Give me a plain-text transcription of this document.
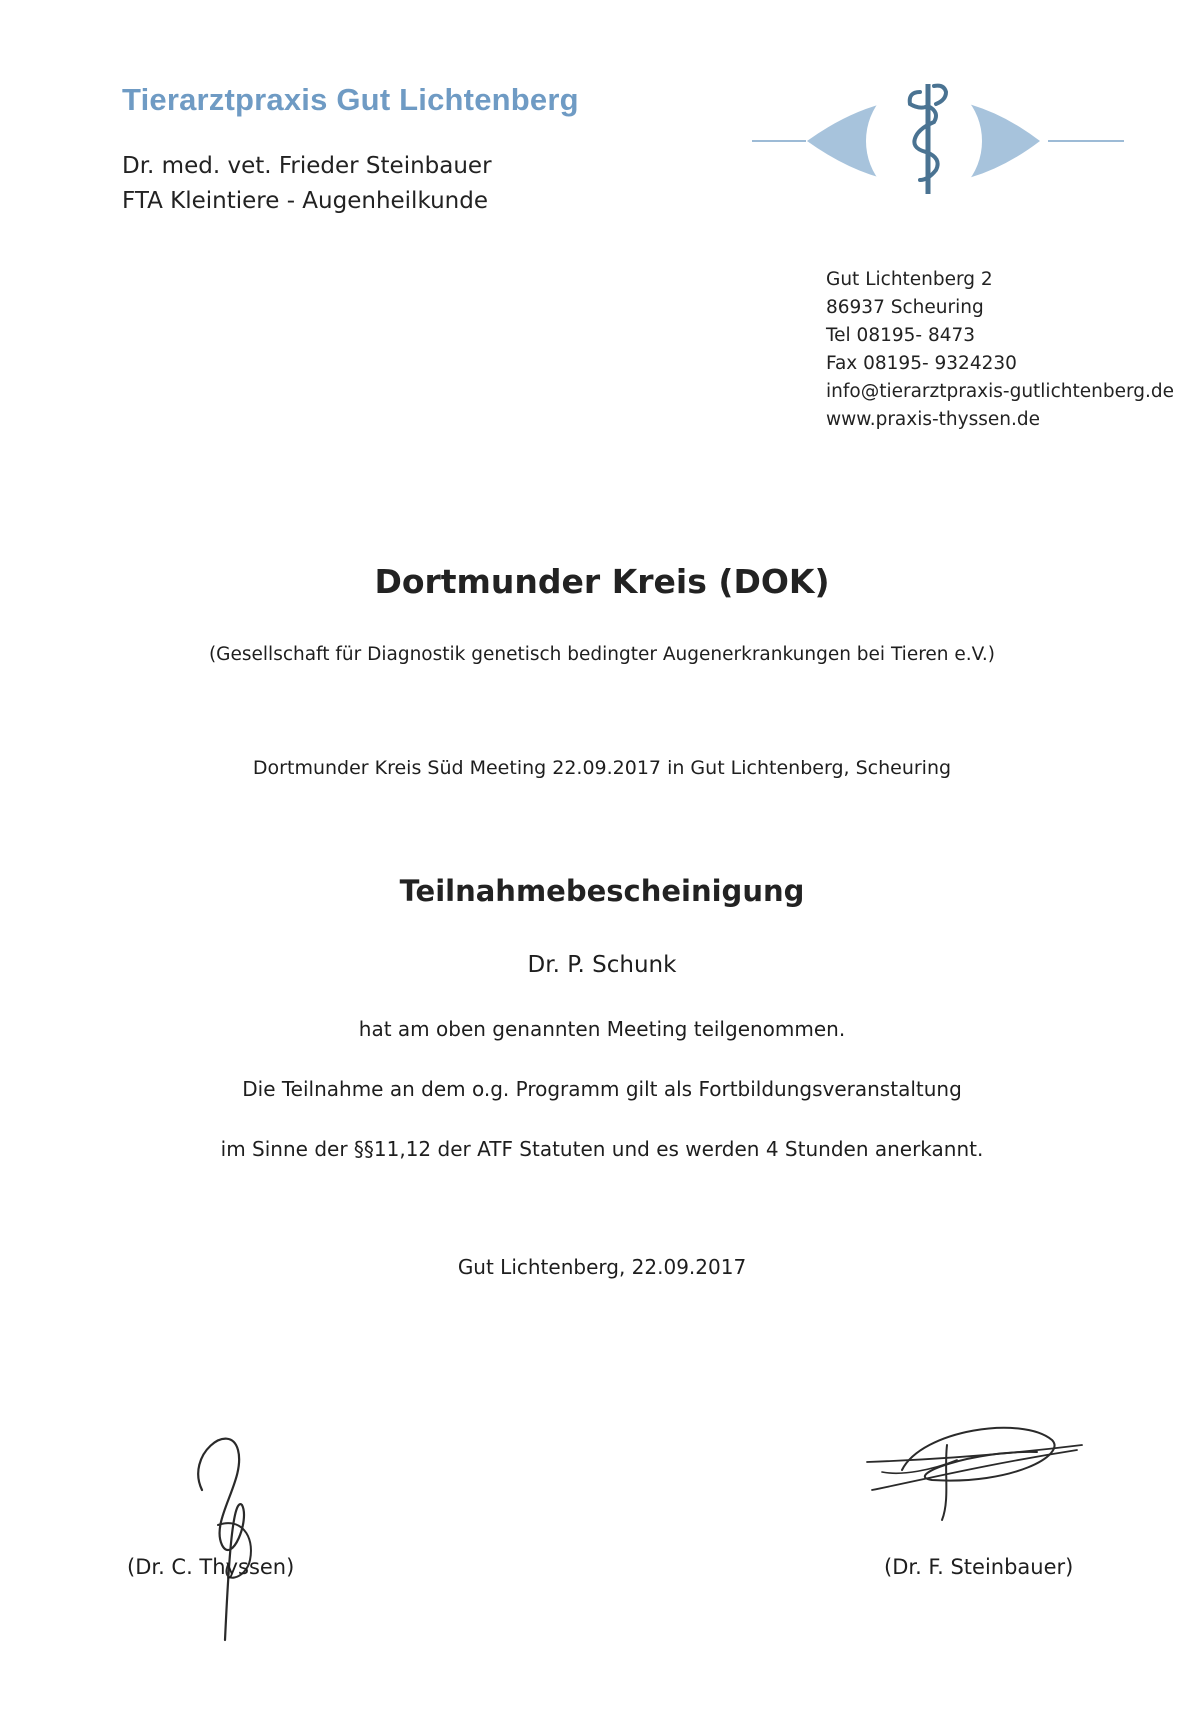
Tierarztpraxis Gut Lichtenberg
Dr. med. vet. Frieder Steinbauer
FTA Kleintiere - Augenheilkunde
Gut Lichtenberg 2
86937 Scheuring
Tel 08195- 8473
Fax 08195- 9324230
info@tierarztpraxis-gutlichtenberg.de
www.praxis-thyssen.de
Dortmunder Kreis (DOK)
(Gesellschaft für Diagnostik genetisch bedingter Augenerkrankungen bei Tieren e.V.)
Dortmunder Kreis Süd Meeting 22.09.2017 in Gut Lichtenberg, Scheuring
Teilnahmebescheinigung
Dr. P. Schunk
hat am oben genannten Meeting teilgenommen.
Die Teilnahme an dem o.g. Programm gilt als Fortbildungsveranstaltung
im Sinne der §§11,12 der ATF Statuten und es werden 4 Stunden anerkannt.
Gut Lichtenberg, 22.09.2017
(Dr. C. Thyssen)	(Dr. F. Steinbauer)
